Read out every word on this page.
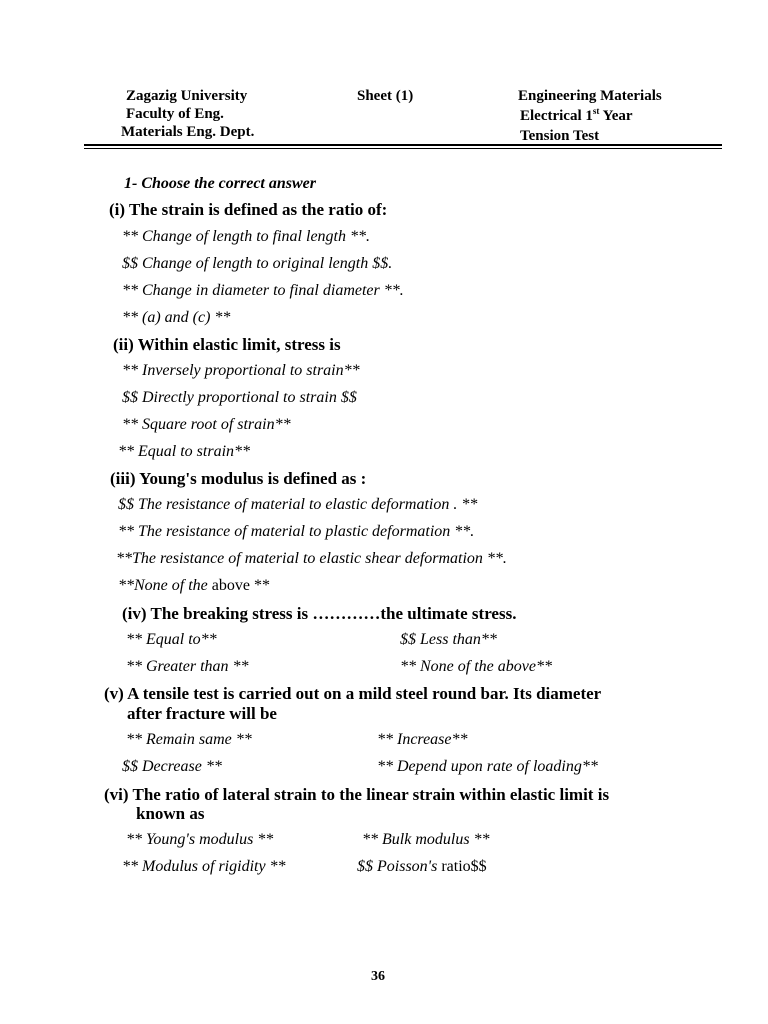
Zagazig University
Faculty of Eng.
Materials Eng. Dept.
Sheet (1)	Engineering Materials
Electrical 1st Year
Tension Test
1- Choose the correct answer
(i) The strain is defined as the ratio of:
** Change of length to final length **.
$$ Change of length to original length $$.
** Change in diameter to final diameter **.
** (a) and (c) **
(ii) Within elastic limit, stress is
** Inversely proportional to strain**
$$ Directly proportional to strain $$
** Square root of strain**
** Equal to strain**
(iii) Young's modulus is defined as :
$$ The resistance of material to elastic deformation . **
** The resistance of material to plastic deformation **.
**The resistance of material to elastic shear deformation **.
**None of the above **
(iv) The breaking stress is …………the ultimate stress.
** Equal to**	$$ Less than**
** Greater than **	** None of the above**
(v) A tensile test is carried out on a mild steel round bar. Its diameter
after fracture will be
** Remain same **	** Increase**
$$ Decrease **	** Depend upon rate of loading**
(vi) The ratio of lateral strain to the linear strain within elastic limit is
known as
** Young's modulus **	** Bulk modulus **
** Modulus of rigidity **	$$ Poisson's ratio$$
36
